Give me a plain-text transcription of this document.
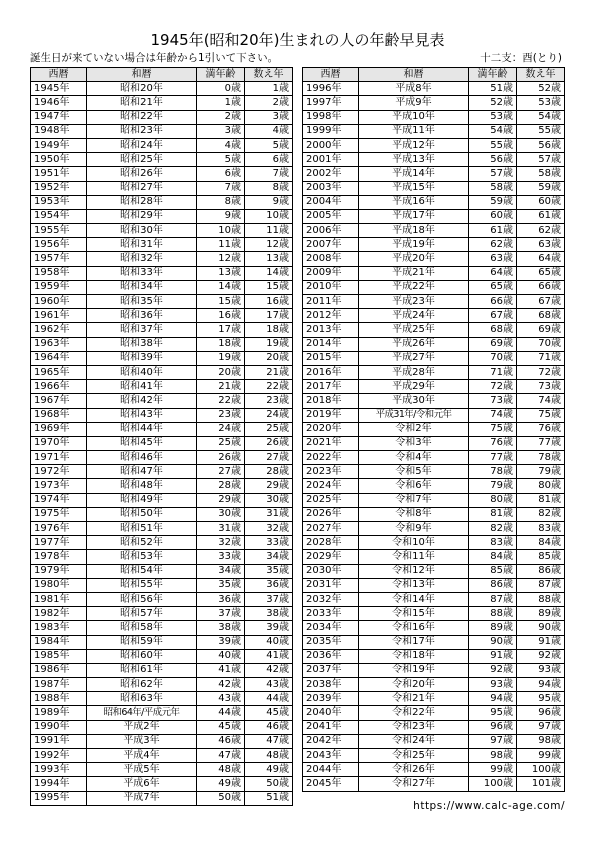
1945年(昭和20年)生まれの人の年齢早見表
誕生日が来ていない場合は年齢から1引いて下さい。	十二支：酉(とり)
西暦	和暦	満年齢	数え年
1945年	昭和20年	0歳	1歳
1946年	昭和21年	1歳	2歳
1947年	昭和22年	2歳	3歳
1948年	昭和23年	3歳	4歳
1949年	昭和24年	4歳	5歳
1950年	昭和25年	5歳	6歳
1951年	昭和26年	6歳	7歳
1952年	昭和27年	7歳	8歳
1953年	昭和28年	8歳	9歳
1954年	昭和29年	9歳	10歳
1955年	昭和30年	10歳	11歳
1956年	昭和31年	11歳	12歳
1957年	昭和32年	12歳	13歳
1958年	昭和33年	13歳	14歳
1959年	昭和34年	14歳	15歳
1960年	昭和35年	15歳	16歳
1961年	昭和36年	16歳	17歳
1962年	昭和37年	17歳	18歳
1963年	昭和38年	18歳	19歳
1964年	昭和39年	19歳	20歳
1965年	昭和40年	20歳	21歳
1966年	昭和41年	21歳	22歳
1967年	昭和42年	22歳	23歳
1968年	昭和43年	23歳	24歳
1969年	昭和44年	24歳	25歳
1970年	昭和45年	25歳	26歳
1971年	昭和46年	26歳	27歳
1972年	昭和47年	27歳	28歳
1973年	昭和48年	28歳	29歳
1974年	昭和49年	29歳	30歳
1975年	昭和50年	30歳	31歳
1976年	昭和51年	31歳	32歳
1977年	昭和52年	32歳	33歳
1978年	昭和53年	33歳	34歳
1979年	昭和54年	34歳	35歳
1980年	昭和55年	35歳	36歳
1981年	昭和56年	36歳	37歳
1982年	昭和57年	37歳	38歳
1983年	昭和58年	38歳	39歳
1984年	昭和59年	39歳	40歳
1985年	昭和60年	40歳	41歳
1986年	昭和61年	41歳	42歳
1987年	昭和62年	42歳	43歳
1988年	昭和63年	43歳	44歳
1989年	昭和64年/平成元年	44歳	45歳
1990年	平成2年	45歳	46歳
1991年	平成3年	46歳	47歳
1992年	平成4年	47歳	48歳
1993年	平成5年	48歳	49歳
1994年	平成6年	49歳	50歳
1995年	平成7年	50歳	51歳
西暦	和暦	満年齢	数え年
1996年	平成8年	51歳	52歳
1997年	平成9年	52歳	53歳
1998年	平成10年	53歳	54歳
1999年	平成11年	54歳	55歳
2000年	平成12年	55歳	56歳
2001年	平成13年	56歳	57歳
2002年	平成14年	57歳	58歳
2003年	平成15年	58歳	59歳
2004年	平成16年	59歳	60歳
2005年	平成17年	60歳	61歳
2006年	平成18年	61歳	62歳
2007年	平成19年	62歳	63歳
2008年	平成20年	63歳	64歳
2009年	平成21年	64歳	65歳
2010年	平成22年	65歳	66歳
2011年	平成23年	66歳	67歳
2012年	平成24年	67歳	68歳
2013年	平成25年	68歳	69歳
2014年	平成26年	69歳	70歳
2015年	平成27年	70歳	71歳
2016年	平成28年	71歳	72歳
2017年	平成29年	72歳	73歳
2018年	平成30年	73歳	74歳
2019年	平成31年/令和元年	74歳	75歳
2020年	令和2年	75歳	76歳
2021年	令和3年	76歳	77歳
2022年	令和4年	77歳	78歳
2023年	令和5年	78歳	79歳
2024年	令和6年	79歳	80歳
2025年	令和7年	80歳	81歳
2026年	令和8年	81歳	82歳
2027年	令和9年	82歳	83歳
2028年	令和10年	83歳	84歳
2029年	令和11年	84歳	85歳
2030年	令和12年	85歳	86歳
2031年	令和13年	86歳	87歳
2032年	令和14年	87歳	88歳
2033年	令和15年	88歳	89歳
2034年	令和16年	89歳	90歳
2035年	令和17年	90歳	91歳
2036年	令和18年	91歳	92歳
2037年	令和19年	92歳	93歳
2038年	令和20年	93歳	94歳
2039年	令和21年	94歳	95歳
2040年	令和22年	95歳	96歳
2041年	令和23年	96歳	97歳
2042年	令和24年	97歳	98歳
2043年	令和25年	98歳	99歳
2044年	令和26年	99歳	100歳
2045年	令和27年	100歳	101歳
https://www.calc-age.com/
